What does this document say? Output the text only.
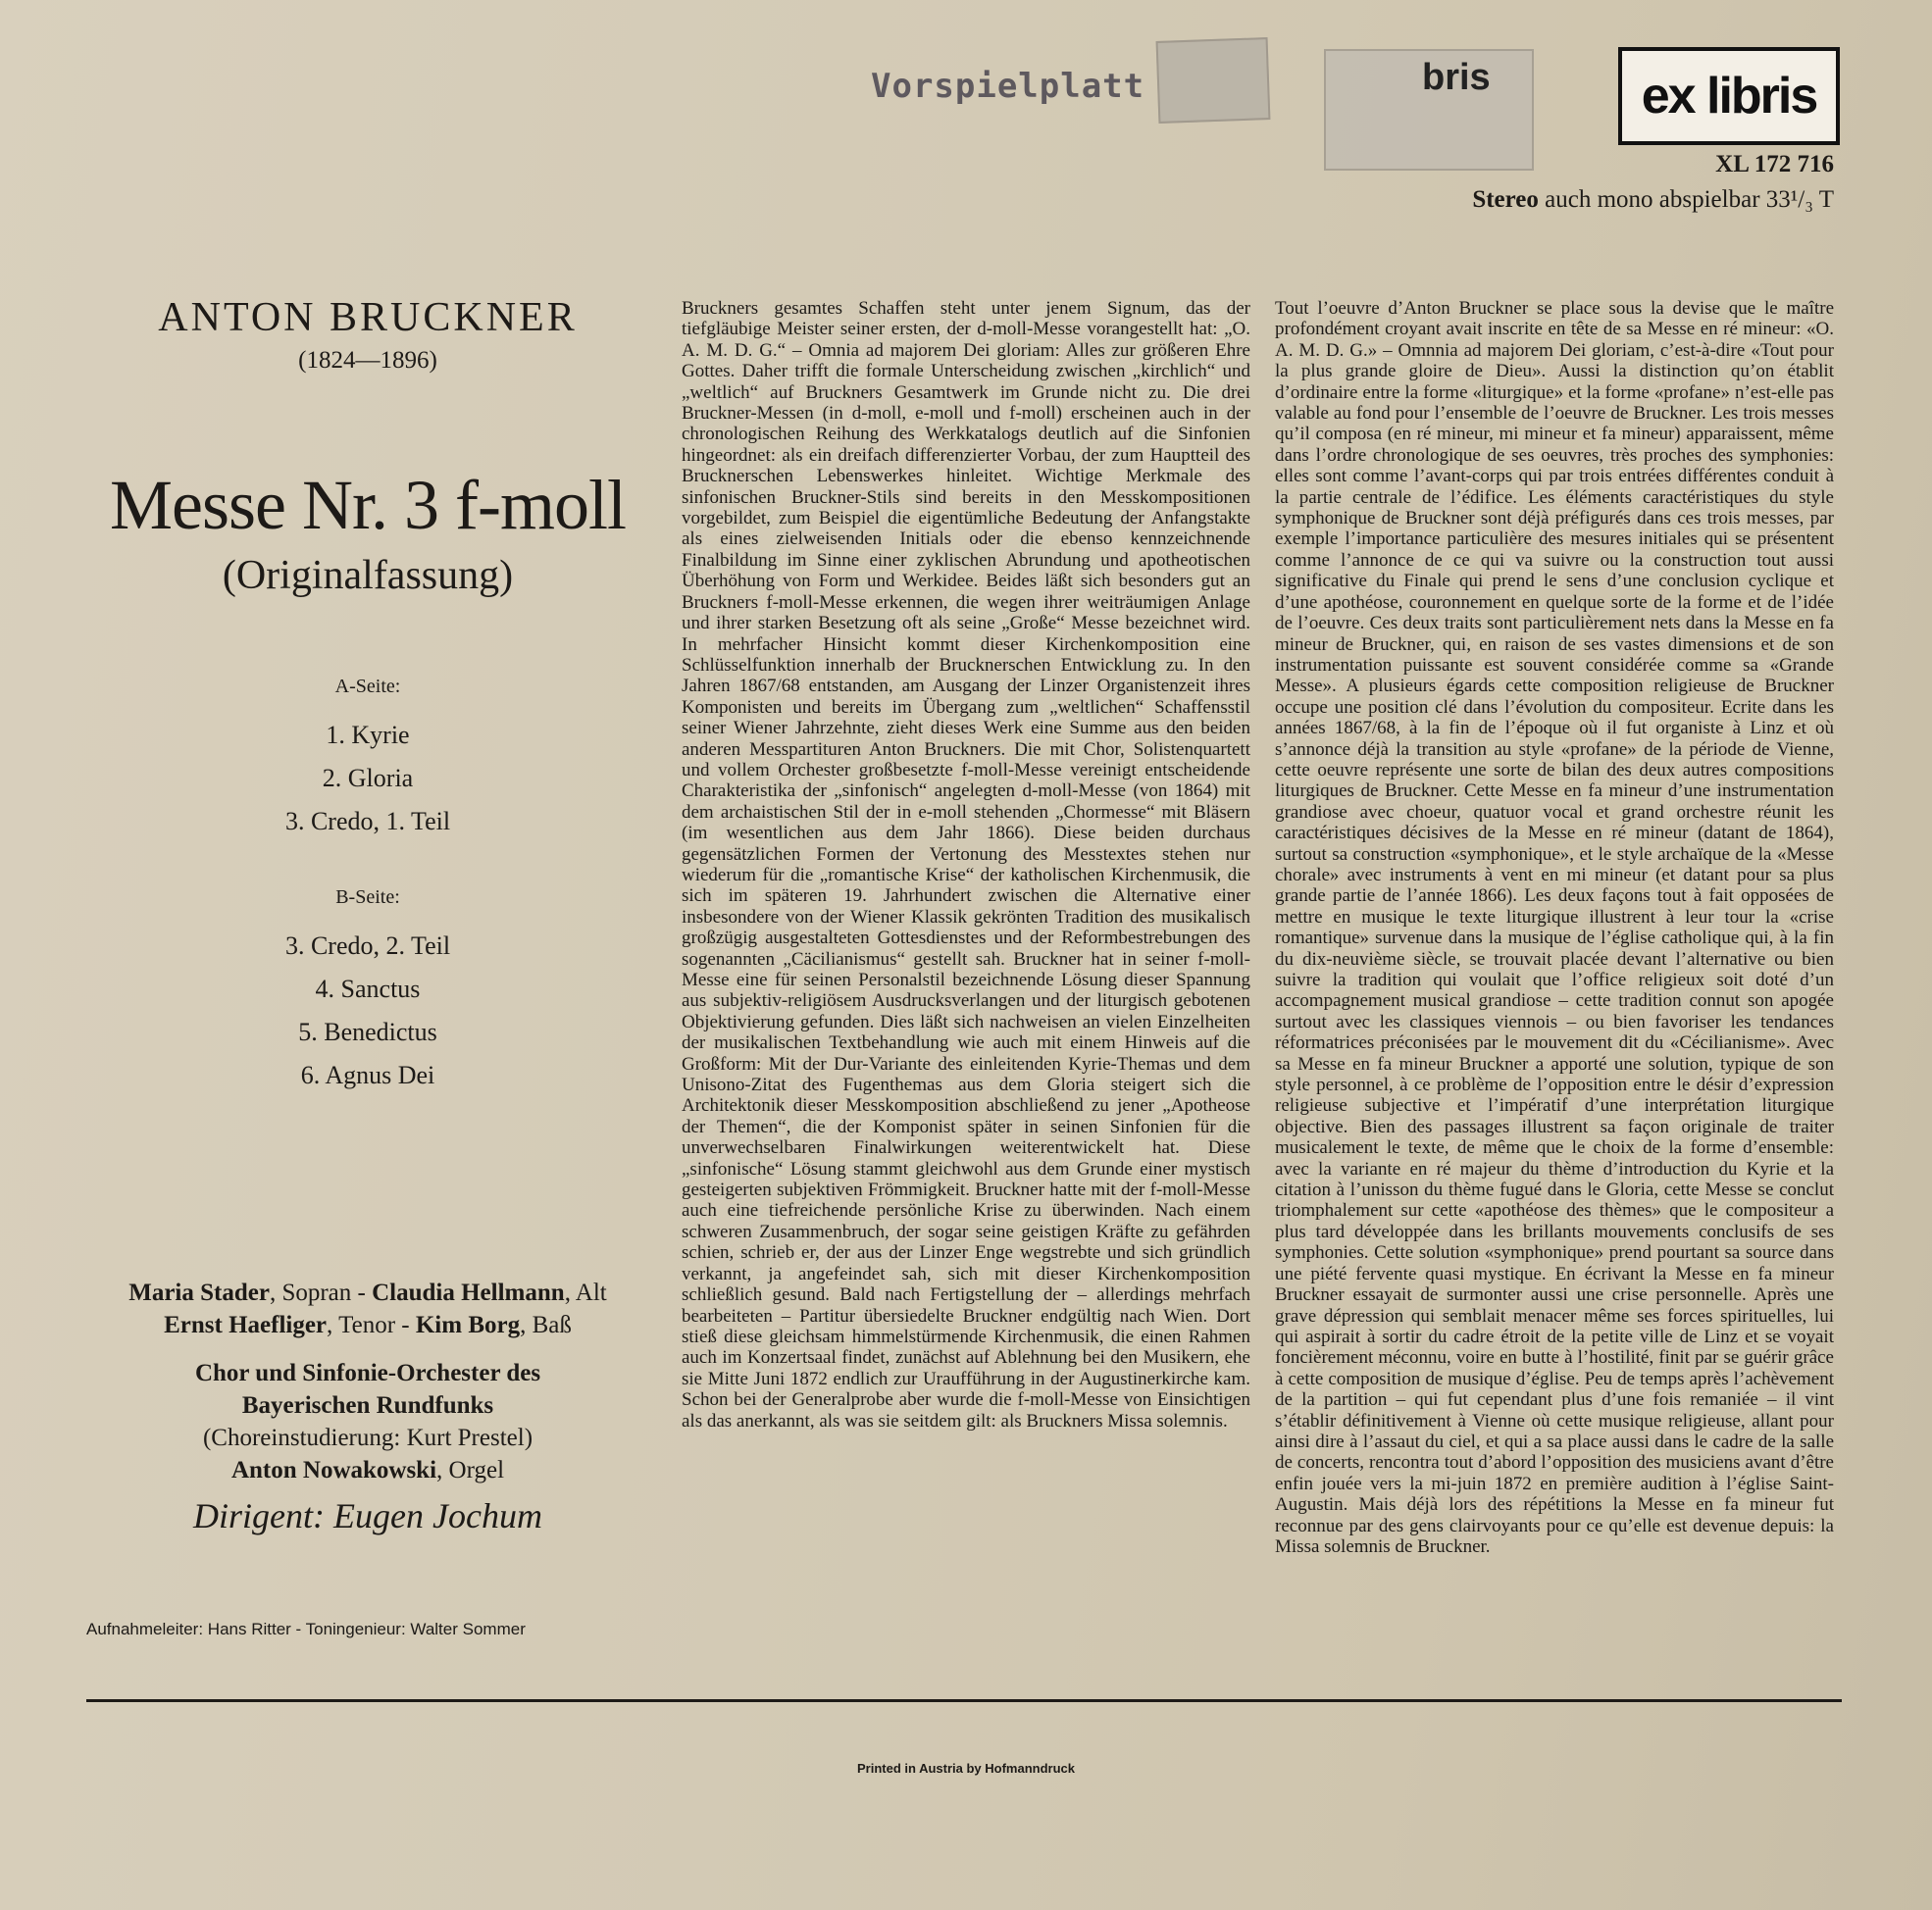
Vorspielplatt	bris	ex libris
XL 172 716
Stereo auch mono abspielbar 33¹/₃ T
ANTON BRUCKNER
(1824—1896)
Messe Nr. 3 f-moll
(Originalfassung)
A-Seite:
1. Kyrie
2. Gloria
3. Credo, 1. Teil
B-Seite:
3. Credo, 2. Teil
4. Sanctus
5. Benedictus
6. Agnus Dei
Maria Stader, Sopran - Claudia Hellmann, Alt
Ernst Haefliger, Tenor - Kim Borg, Baß
Chor und Sinfonie-Orchester des
Bayerischen Rundfunks
(Choreinstudierung: Kurt Prestel)
Anton Nowakowski, Orgel
Dirigent: Eugen Jochum
Aufnahmeleiter: Hans Ritter - Toningenieur: Walter Sommer
Bruckners gesamtes Schaffen steht unter jenem Signum, das der tiefgläubige Meister seiner ersten, der d-moll-Messe vorangestellt hat: „O. A. M. D. G.“ – Omnia ad majorem Dei gloriam: Alles zur größeren Ehre Gottes. Daher trifft die formale Unterscheidung zwischen „kirchlich“ und „weltlich“ auf Bruckners Gesamtwerk im Grunde nicht zu. Die drei Bruckner-Messen (in d-moll, e-moll und f-moll) erscheinen auch in der chronologischen Reihung des Werkkatalogs deutlich auf die Sinfonien hingeordnet: als ein dreifach differenzierter Vorbau, der zum Hauptteil des Brucknerschen Lebenswerkes hinleitet. Wichtige Merkmale des sinfonischen Bruckner-Stils sind bereits in den Messkompositionen vorgebildet, zum Beispiel die eigentümliche Bedeutung der Anfangstakte als eines zielweisenden Initials oder die ebenso kennzeichnende Finalbildung im Sinne einer zyklischen Abrundung und apotheotischen Überhöhung von Form und Werkidee. Beides läßt sich besonders gut an Bruckners f-moll-Messe erkennen, die wegen ihrer weiträumigen Anlage und ihrer starken Besetzung oft als seine „Große“ Messe bezeichnet wird. In mehrfacher Hinsicht kommt dieser Kirchenkomposition eine Schlüsselfunktion innerhalb der Brucknerschen Entwicklung zu. In den Jahren 1867/68 entstanden, am Ausgang der Linzer Organistenzeit ihres Komponisten und bereits im Übergang zum „weltlichen“ Schaffensstil seiner Wiener Jahrzehnte, zieht dieses Werk eine Summe aus den beiden anderen Messpartituren Anton Bruckners. Die mit Chor, Solistenquartett und vollem Orchester großbesetzte f-moll-Messe vereinigt entscheidende Charakteristika der „sinfonisch“ angelegten d-moll-Messe (von 1864) mit dem archaistischen Stil der in e-moll stehenden „Chormesse“ mit Bläsern (im wesentlichen aus dem Jahr 1866). Diese beiden durchaus gegensätzlichen Formen der Vertonung des Messtextes stehen nur wiederum für die „romantische Krise“ der katholischen Kirchenmusik, die sich im späteren 19. Jahrhundert zwischen die Alternative einer insbesondere von der Wiener Klassik gekrönten Tradition des musikalisch großzügig ausgestalteten Gottesdienstes und der Reformbestrebungen des sogenannten „Cäcilianismus“ gestellt sah. Bruckner hat in seiner f-moll-Messe eine für seinen Personalstil bezeichnende Lösung dieser Spannung aus subjektiv-religiösem Ausdrucksverlangen und der liturgisch gebotenen Objektivierung gefunden. Dies läßt sich nachweisen an vielen Einzelheiten der musikalischen Textbehandlung wie auch mit einem Hinweis auf die Großform: Mit der Dur-Variante des einleitenden Kyrie-Themas und dem Unisono-Zitat des Fugenthemas aus dem Gloria steigert sich die Architektonik dieser Messkomposition abschließend zu jener „Apotheose der Themen“, die der Komponist später in seinen Sinfonien für die unverwechselbaren Finalwirkungen weiterentwickelt hat. Diese „sinfonische“ Lösung stammt gleichwohl aus dem Grunde einer mystisch gesteigerten subjektiven Frömmigkeit. Bruckner hatte mit der f-moll-Messe auch eine tiefreichende persönliche Krise zu überwinden. Nach einem schweren Zusammenbruch, der sogar seine geistigen Kräfte zu gefährden schien, schrieb er, der aus der Linzer Enge wegstrebte und sich gründlich verkannt, ja angefeindet sah, sich mit dieser Kirchenkomposition schließlich gesund. Bald nach Fertigstellung der – allerdings mehrfach bearbeiteten – Partitur übersiedelte Bruckner endgültig nach Wien. Dort stieß diese gleichsam himmelstürmende Kirchenmusik, die einen Rahmen auch im Konzertsaal findet, zunächst auf Ablehnung bei den Musikern, ehe sie Mitte Juni 1872 endlich zur Uraufführung in der Augustinerkirche kam. Schon bei der Generalprobe aber wurde die f-moll-Messe von Einsichtigen als das anerkannt, als was sie seitdem gilt: als Bruckners Missa solemnis.
Tout l’oeuvre d’Anton Bruckner se place sous la devise que le maître profondément croyant avait inscrite en tête de sa Messe en ré mineur: «O. A. M. D. G.» – Omnnia ad majorem Dei gloriam, c’est-à-dire «Tout pour la plus grande gloire de Dieu». Aussi la distinction qu’on établit d’ordinaire entre la forme «liturgique» et la forme «profane» n’est-elle pas valable au fond pour l’ensemble de l’oeuvre de Bruckner. Les trois messes qu’il composa (en ré mineur, mi mineur et fa mineur) apparaissent, même dans l’ordre chronologique de ses oeuvres, très proches des symphonies: elles sont comme l’avant-corps qui par trois entrées différentes conduit à la partie centrale de l’édifice. Les éléments caractéristiques du style symphonique de Bruckner sont déjà préfigurés dans ces trois messes, par exemple l’importance particulière des mesures initiales qui se présentent comme l’annonce de ce qui va suivre ou la construction tout aussi significative du Finale qui prend le sens d’une conclusion cyclique et d’une apothéose, couronnement en quelque sorte de la forme et de l’idée de l’oeuvre. Ces deux traits sont particulièrement nets dans la Messe en fa mineur de Bruckner, qui, en raison de ses vastes dimensions et de son instrumentation puissante est souvent considérée comme sa «Grande Messe». A plusieurs égards cette composition religieuse de Bruckner occupe une position clé dans l’évolution du compositeur. Ecrite dans les années 1867/68, à la fin de l’époque où il fut organiste à Linz et où s’annonce déjà la transition au style «profane» de la période de Vienne, cette oeuvre représente une sorte de bilan des deux autres compositions liturgiques de Bruckner. Cette Messe en fa mineur d’une instrumentation grandiose avec choeur, quatuor vocal et grand orchestre réunit les caractéristiques décisives de la Messe en ré mineur (datant de 1864), surtout sa construction «symphonique», et le style archaïque de la «Messe chorale» avec instruments à vent en mi mineur (et datant pour sa plus grande partie de l’année 1866). Les deux façons tout à fait opposées de mettre en musique le texte liturgique illustrent à leur tour la «crise romantique» survenue dans la musique de l’église catholique qui, à la fin du dix-neuvième siècle, se trouvait placée devant l’alternative ou bien suivre la tradition qui voulait que l’office religieux soit doté d’un accompagnement musical grandiose – cette tradition connut son apogée surtout avec les classiques viennois – ou bien favoriser les tendances réformatrices préconisées par le mouvement dit du «Cécilianisme». Avec sa Messe en fa mineur Bruckner a apporté une solution, typique de son style personnel, à ce problème de l’opposition entre le désir d’expression religieuse subjective et l’impératif d’une interprétation liturgique objective. Bien des passages illustrent sa façon originale de traiter musicalement le texte, de même que le choix de la forme d’ensemble: avec la variante en ré majeur du thème d’introduction du Kyrie et la citation à l’unisson du thème fugué dans le Gloria, cette Messe se conclut triomphalement sur cette «apothéose des thèmes» que le compositeur a plus tard développée dans les brillants mouvements conclusifs de ses symphonies. Cette solution «symphonique» prend pourtant sa source dans une piété fervente quasi mystique. En écrivant la Messe en fa mineur Bruckner essayait de surmonter aussi une crise personnelle. Après une grave dépression qui semblait menacer même ses forces spirituelles, lui qui aspirait à sortir du cadre étroit de la petite ville de Linz et se voyait foncièrement méconnu, voire en butte à l’hostilité, finit par se guérir grâce à cette composition de musique d’église. Peu de temps après l’achèvement de la partition – qui fut cependant plus d’une fois remaniée – il vint s’établir définitivement à Vienne où cette musique religieuse, allant pour ainsi dire à l’assaut du ciel, et qui a sa place aussi dans le cadre de la salle de concerts, rencontra tout d’abord l’opposition des musiciens avant d’être enfin jouée vers la mi-juin 1872 en première audition à l’église Saint-Augustin. Mais déjà lors des répétitions la Messe en fa mineur fut reconnue par des gens clairvoyants pour ce qu’elle est devenue depuis: la Missa solemnis de Bruckner.
Printed in Austria by Hofmanndruck
